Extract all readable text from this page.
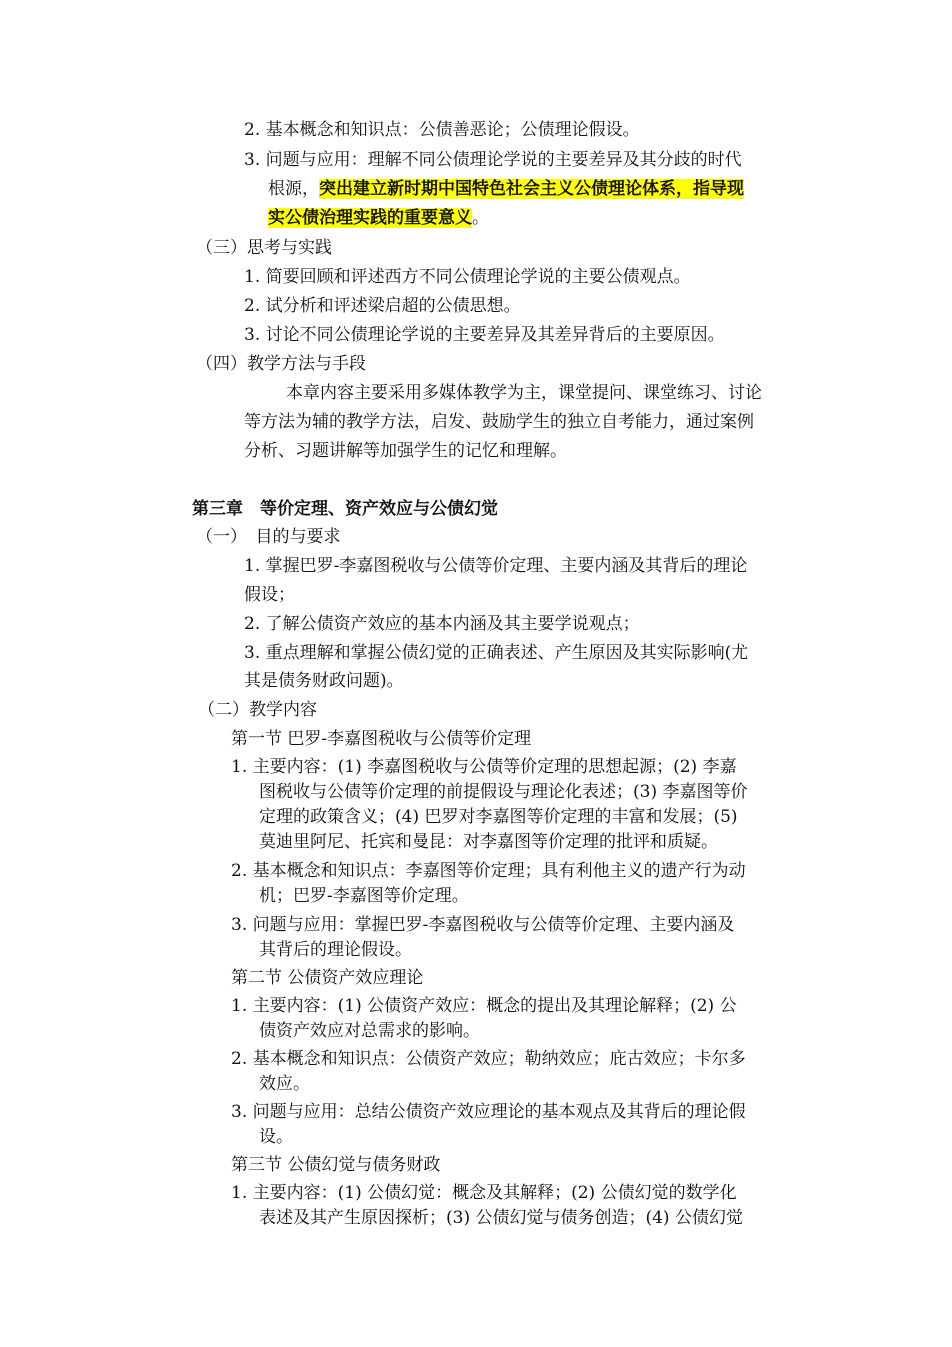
2. 基本概念和知识点：公债善恶论；公债理论假设。
3. 问题与应用：理解不同公债理论学说的主要差异及其分歧的时代
根源，突出建立新时期中国特色社会主义公债理论体系，指导现
实公债治理实践的重要意义。
（三）思考与实践
1. 简要回顾和评述西方不同公债理论学说的主要公债观点。
2. 试分析和评述梁启超的公债思想。
3. 讨论不同公债理论学说的主要差异及其差异背后的主要原因。
（四）教学方法与手段
本章内容主要采用多媒体教学为主，课堂提问、课堂练习、讨论
等方法为辅的教学方法，启发、鼓励学生的独立自考能力，通过案例
分析、习题讲解等加强学生的记忆和理解。
第三章　等价定理、资产效应与公债幻觉
（一）　目的与要求
1. 掌握巴罗-李嘉图税收与公债等价定理、主要内涵及其背后的理论
假设；
2. 了解公债资产效应的基本内涵及其主要学说观点；
3. 重点理解和掌握公债幻觉的正确表述、产生原因及其实际影响(尤
其是债务财政问题)。
（二）教学内容
第一节 巴罗-李嘉图税收与公债等价定理
1. 主要内容：(1) 李嘉图税收与公债等价定理的思想起源；(2) 李嘉
图税收与公债等价定理的前提假设与理论化表述；(3) 李嘉图等价
定理的政策含义；(4) 巴罗对李嘉图等价定理的丰富和发展；(5)
莫迪里阿尼、托宾和曼昆：对李嘉图等价定理的批评和质疑。
2. 基本概念和知识点：李嘉图等价定理；具有利他主义的遗产行为动
机；巴罗-李嘉图等价定理。
3. 问题与应用：掌握巴罗-李嘉图税收与公债等价定理、主要内涵及
其背后的理论假设。
第二节 公债资产效应理论
1. 主要内容：(1) 公债资产效应：概念的提出及其理论解释；(2) 公
债资产效应对总需求的影响。
2. 基本概念和知识点：公债资产效应；勒纳效应；庇古效应；卡尔多
效应。
3. 问题与应用：总结公债资产效应理论的基本观点及其背后的理论假
设。
第三节 公债幻觉与债务财政
1. 主要内容：(1) 公债幻觉：概念及其解释；(2) 公债幻觉的数学化
表述及其产生原因探析；(3) 公债幻觉与债务创造；(4) 公债幻觉
